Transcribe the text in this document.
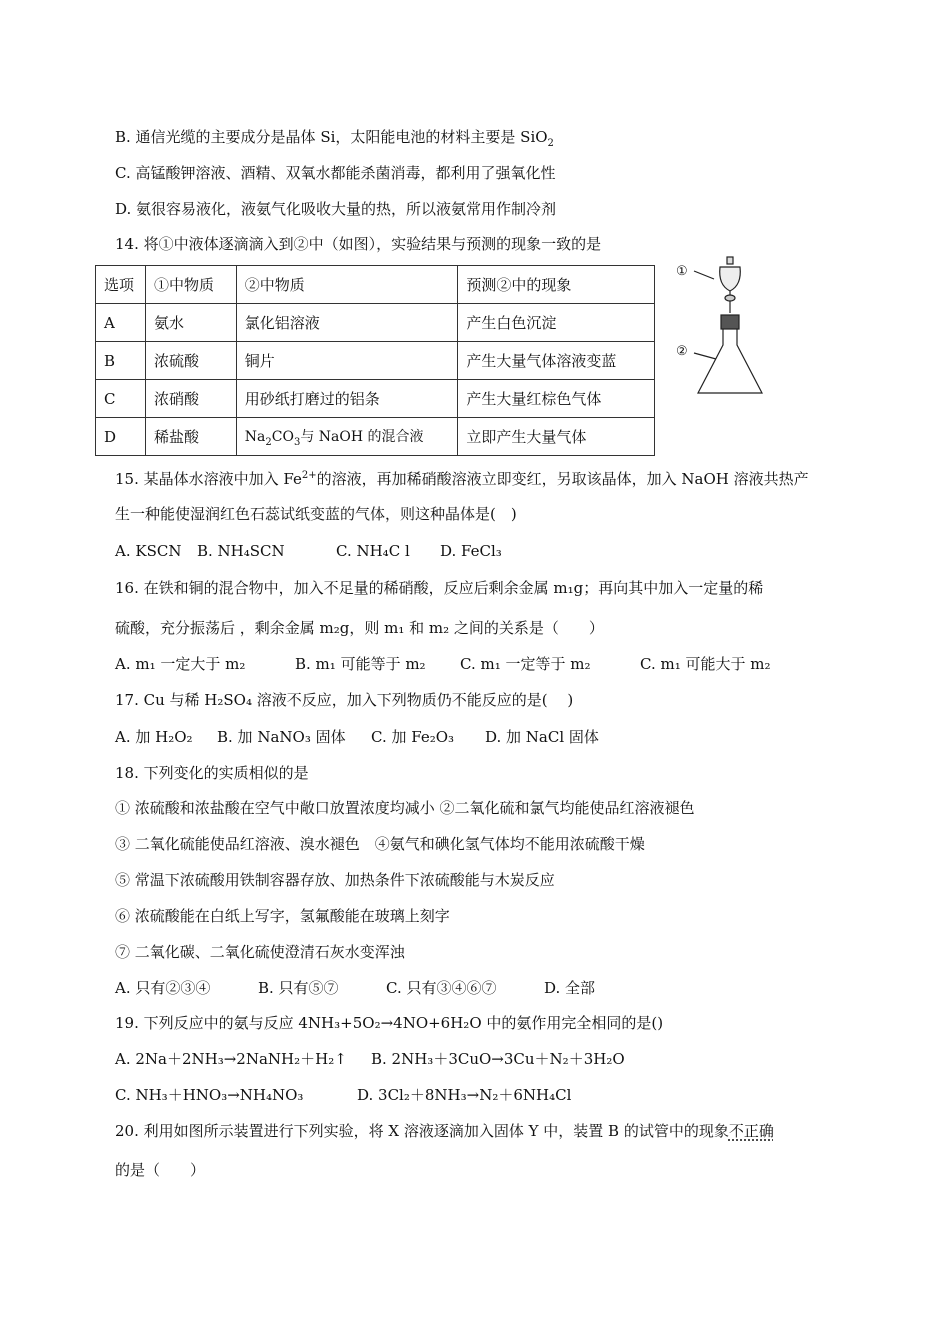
B. 通信光缆的主要成分是晶体 Si，太阳能电池的材料主要是 SiO$_2$
C. 高锰酸钾溶液、酒精、双氧水都能杀菌消毒，都利用了强氧化性
D. 氨很容易液化，液氨气化吸收大量的热，所以液氨常用作制冷剂
14. 将①中液体逐滴滴入到②中（如图），实验结果与预测的现象一致的是
选项	①中物质	②中物质	预测②中的现象
A	氨水	氯化铝溶液	产生白色沉淀
B	浓硫酸	铜片	产生大量气体溶液变蓝
C	浓硝酸	用砂纸打磨过的铝条	产生大量红棕色气体
D	稀盐酸	$Na_2CO_3$与 NaOH 的混合液	立即产生大量气体
①
②
15. 某晶体水溶液中加入 $Fe^{2+}$的溶液，再加稀硝酸溶液立即变红，另取该晶体，加入 NaOH 溶液共热产
生一种能使湿润红色石蕊试纸变蓝的气体，则这种晶体是(　)
A. KSCN B. NH₄SCN	C. NH₄C l D. FeCl₃
16. 在铁和铜的混合物中，加入不足量的稀硝酸，反应后剩余金属 m₁g；再向其中加入一定量的稀
硫酸，充分振荡后 ，剩余金属 m₂g，则 m₁ 和 m₂ 之间的关系是（　　）
A. m₁ 一定大于 m₂	B. m₁ 可能等于 m₂ C. m₁ 一定等于 m₂	C. m₁ 可能大于 m₂
17. Cu 与稀 H₂SO₄ 溶液不反应，加入下列物质仍不能反应的是(　 )
A. 加 H₂O₂ B. 加 NaNO₃ 固体 C. 加 Fe₂O₃ D. 加 NaCl 固体
18. 下列变化的实质相似的是
① 浓硫酸和浓盐酸在空气中敞口放置浓度均减小 ②二氧化硫和氯气均能使品红溶液褪色
③ 二氧化硫能使品红溶液、溴水褪色　④氨气和碘化氢气体均不能用浓硫酸干燥
⑤ 常温下浓硫酸用铁制容器存放、加热条件下浓硫酸能与木炭反应
⑥ 浓硫酸能在白纸上写字，氢氟酸能在玻璃上刻字
⑦ 二氧化碳、二氧化硫使澄清石灰水变浑浊
A. 只有②③④	B. 只有⑤⑦	C. 只有③④⑥⑦	D. 全部
19. 下列反应中的氨与反应 4NH₃+5O₂→4NO+6H₂O 中的氨作用完全相同的是()
A. 2Na＋2NH₃→2NaNH₂＋H₂↑ B. 2NH₃＋3CuO→3Cu＋N₂＋3H₂O
C. NH₃＋HNO₃→NH₄NO₃	D. 3Cl₂＋8NH₃→N₂＋6NH₄Cl
20. 利用如图所示装置进行下列实验，将 X 溶液逐滴加入固体 Y 中，装置 B 的试管中的现象不正确
的是（　　）
